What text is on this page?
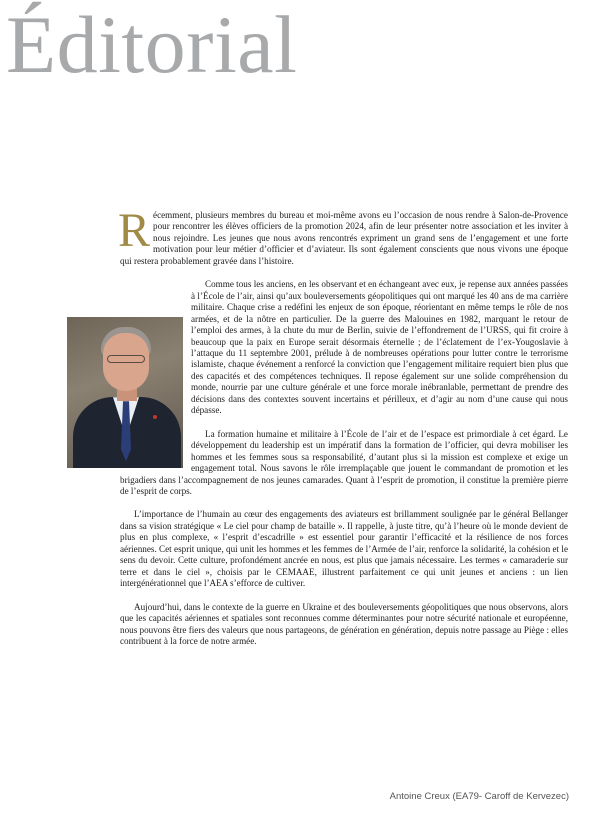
Éditorial

Récemment, plusieurs membres du bureau et moi-même avons eu l’occasion de nous rendre à Salon-de-Provence pour rencontrer les élèves officiers de la promotion 2024, afin de leur présenter notre association et les inviter à nous rejoindre. Les jeunes que nous avons rencontrés expriment un grand sens de l’engagement et une forte motivation pour leur métier d’officier et d’aviateur. Ils sont également conscients que nous vivons une époque qui restera probablement gravée dans l’histoire.

Comme tous les anciens, en les observant et en échangeant avec eux, je repense aux années passées à l’École de l’air, ainsi qu’aux bouleversements géopolitiques qui ont marqué les 40 ans de ma carrière militaire. Chaque crise a redéfini les enjeux de son époque, réorientant en même temps le rôle de nos armées, et de la nôtre en particulier. De la guerre des Malouines en 1982, marquant le retour de l’emploi des armes, à la chute du mur de Berlin, suivie de l’effondrement de l’URSS, qui fit croire à beaucoup que la paix en Europe serait désormais éternelle ; de l’éclatement de l’ex-Yougoslavie à l’attaque du 11 septembre 2001, prélude à de nombreuses opérations pour lutter contre le terrorisme islamiste, chaque événement a renforcé la conviction que l’engagement militaire requiert bien plus que des capacités et des compétences techniques. Il repose également sur une solide compréhension du monde, nourrie par une culture générale et une force morale inébranlable, permettant de prendre des décisions dans des contextes souvent incertains et périlleux, et d’agir au nom d’une cause qui nous dépasse.

La formation humaine et militaire à l’École de l’air et de l’espace est primordiale à cet égard. Le développement du leadership est un impératif dans la formation de l’officier, qui devra mobiliser les hommes et les femmes sous sa responsabilité, d’autant plus si la mission est complexe et exige un engagement total. Nous savons le rôle irremplaçable que jouent le commandant de promotion et les brigadiers dans l’accompagnement de nos jeunes camarades. Quant à l’esprit de promotion, il constitue la première pierre de l’esprit de corps.

L’importance de l’humain au cœur des engagements des aviateurs est brillamment soulignée par le général Bellanger dans sa vision stratégique « Le ciel pour champ de bataille ». Il rappelle, à juste titre, qu’à l’heure où le monde devient de plus en plus complexe, « l’esprit d’escadrille » est essentiel pour garantir l’efficacité et la résilience de nos forces aériennes. Cet esprit unique, qui unit les hommes et les femmes de l’Armée de l’air, renforce la solidarité, la cohésion et le sens du devoir. Cette culture, profondément ancrée en nous, est plus que jamais nécessaire. Les termes « camaraderie sur terre et dans le ciel », choisis par le CEMAAE, illustrent parfaitement ce qui unit jeunes et anciens : un lien intergénérationnel que l’AEA s’efforce de cultiver.

Aujourd’hui, dans le contexte de la guerre en Ukraine et des bouleversements géopolitiques que nous observons, alors que les capacités aériennes et spatiales sont reconnues comme déterminantes pour notre sécurité nationale et européenne, nous pouvons être fiers des valeurs que nous partageons, de génération en génération, depuis notre passage au Piège : elles contribuent à la force de notre armée.

Antoine Creux (EA79- Caroff de Kervezec)
